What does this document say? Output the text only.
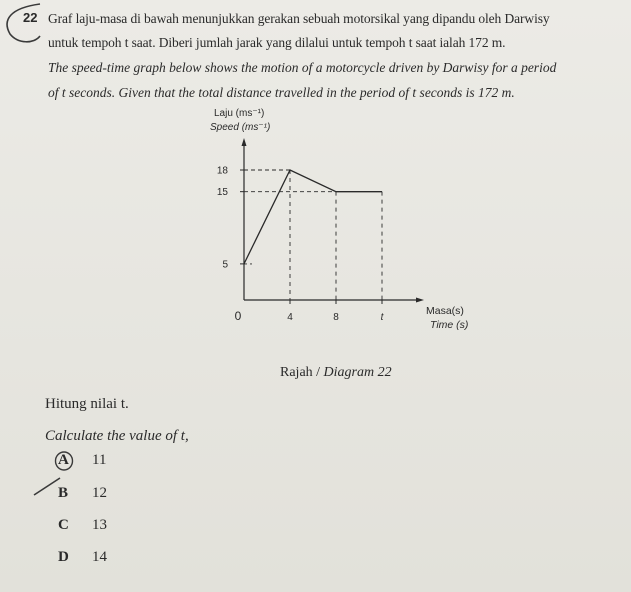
22 Graf laju-masa di bawah menunjukkan gerakan sebuah motorsikal yang dipandu oleh Darwisy
untuk tempoh t saat. Diberi jumlah jarak yang dilalui untuk tempoh t saat ialah 172 m.
The speed-time graph below shows the motion of a motorcycle driven by Darwisy for a period
of t seconds. Given that the total distance travelled in the period of t seconds is 172 m.
Laju (ms⁻¹)
Speed (ms⁻¹)
Masa(s)
Time (s)
18
15
5
0	4	8	t
Rajah / Diagram 22
Hitung nilai t.
Calculate the value of t,
A 11
B 12
C 13
D 14
